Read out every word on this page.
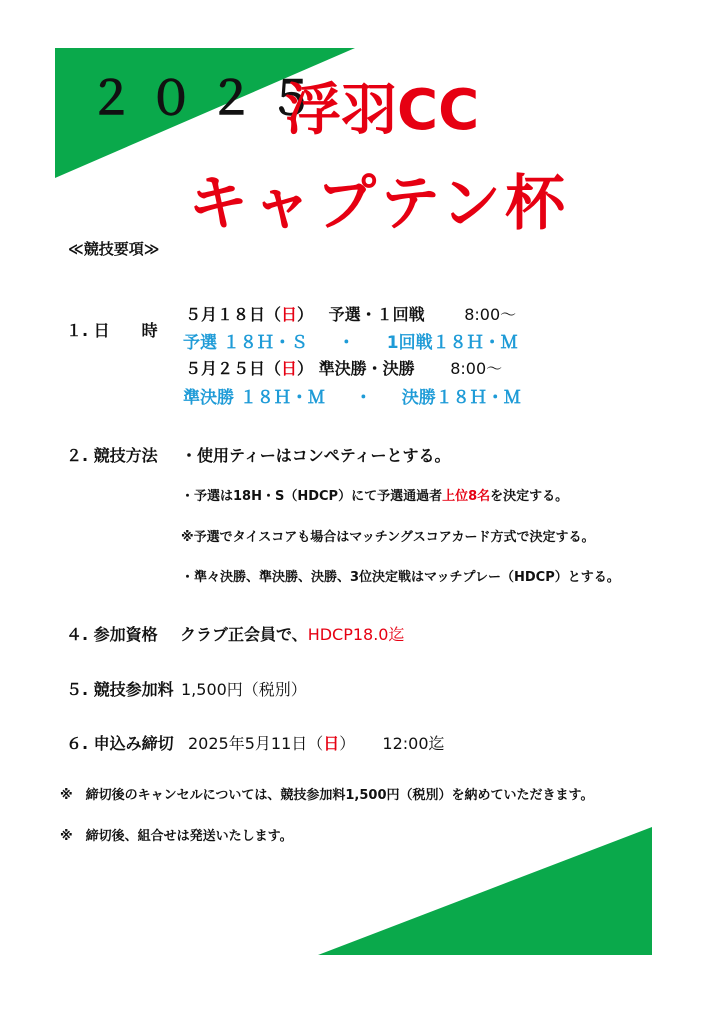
２０２５
浮羽CC
キャプテン杯
≪競技要項≫
１. 日　　時
５月１８日（日） 予選・１回戦 8:00～
予選 １８Ｈ・Ｓ ・ 1回戦１８Ｈ・Ｍ
５月２５日（日） 準決勝・決勝 8:00～
準決勝 １８Ｈ・Ｍ ・ 決勝１８Ｈ・Ｍ
２. 競技方法 ・使用ティーはコンペティーとする。
・予選は18H・S（HDCP）にて予選通過者上位8名を決定する。
※予選でタイスコアも場合はマッチングスコアカード方式で決定する。
・準々決勝、準決勝、決勝、3位決定戦はマッチプレー（HDCP）とする。
４. 参加資格 クラブ正会員で、HDCP18.0迄
５. 競技参加料 1,500円（税別）
６. 申込み締切 2025年5月11日（日） 12:00迄
※　締切後のキャンセルについては、競技参加料1,500円（税別）を納めていただきます。
※　締切後、組合せは発送いたします。
